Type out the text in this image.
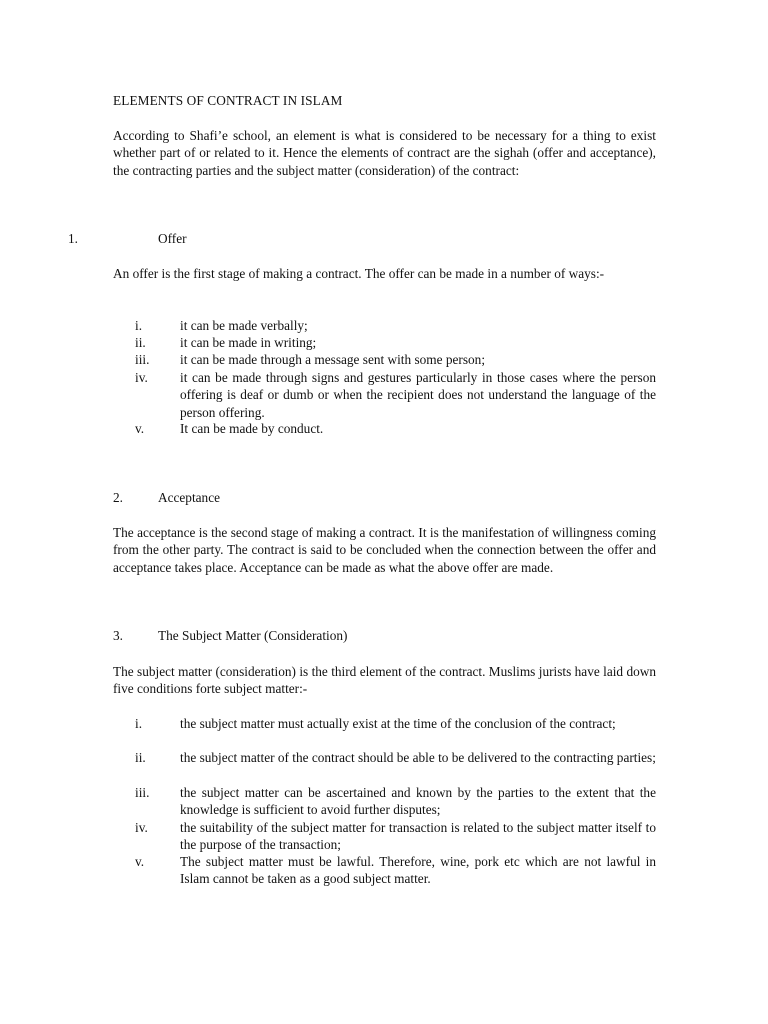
ELEMENTS OF CONTRACT IN ISLAM
According to Shafi’e school, an element is what is considered to be necessary for a thing to exist whether part of or related to it. Hence the elements of contract are the sighah (offer and acceptance), the contracting parties and the subject matter (consideration) of the contract:
1.	Offer
An offer is the first stage of making a contract. The offer can be made in a number of ways:-
i.	it can be made verbally;
ii.	it can be made in writing;
iii.	it can be made through a message sent with some person;
iv.	it can be made through signs and gestures particularly in those cases where the person offering is deaf or dumb or when the recipient does not understand the language of the person offering.
v.	It can be made by conduct.
2.	Acceptance
The acceptance is the second stage of making a contract. It is the manifestation of willingness coming from the other party. The contract is said to be concluded when the connection between the offer and acceptance takes place. Acceptance can be made as what the above offer are made.
3.	The Subject Matter (Consideration)
The subject matter (consideration) is the third element of the contract. Muslims jurists have laid down five conditions forte subject matter:-
i.	the subject matter must actually exist at the time of the conclusion of the contract;
ii.	the subject matter of the contract should be able to be delivered to the contracting parties;
iii.	the subject matter can be ascertained and known by the parties to the extent that the knowledge is sufficient to avoid further disputes;
iv.	the suitability of the subject matter for transaction is related to the subject matter itself to the purpose of the transaction;
v.	The subject matter must be lawful. Therefore, wine, pork etc which are not lawful in Islam cannot be taken as a good subject matter.
